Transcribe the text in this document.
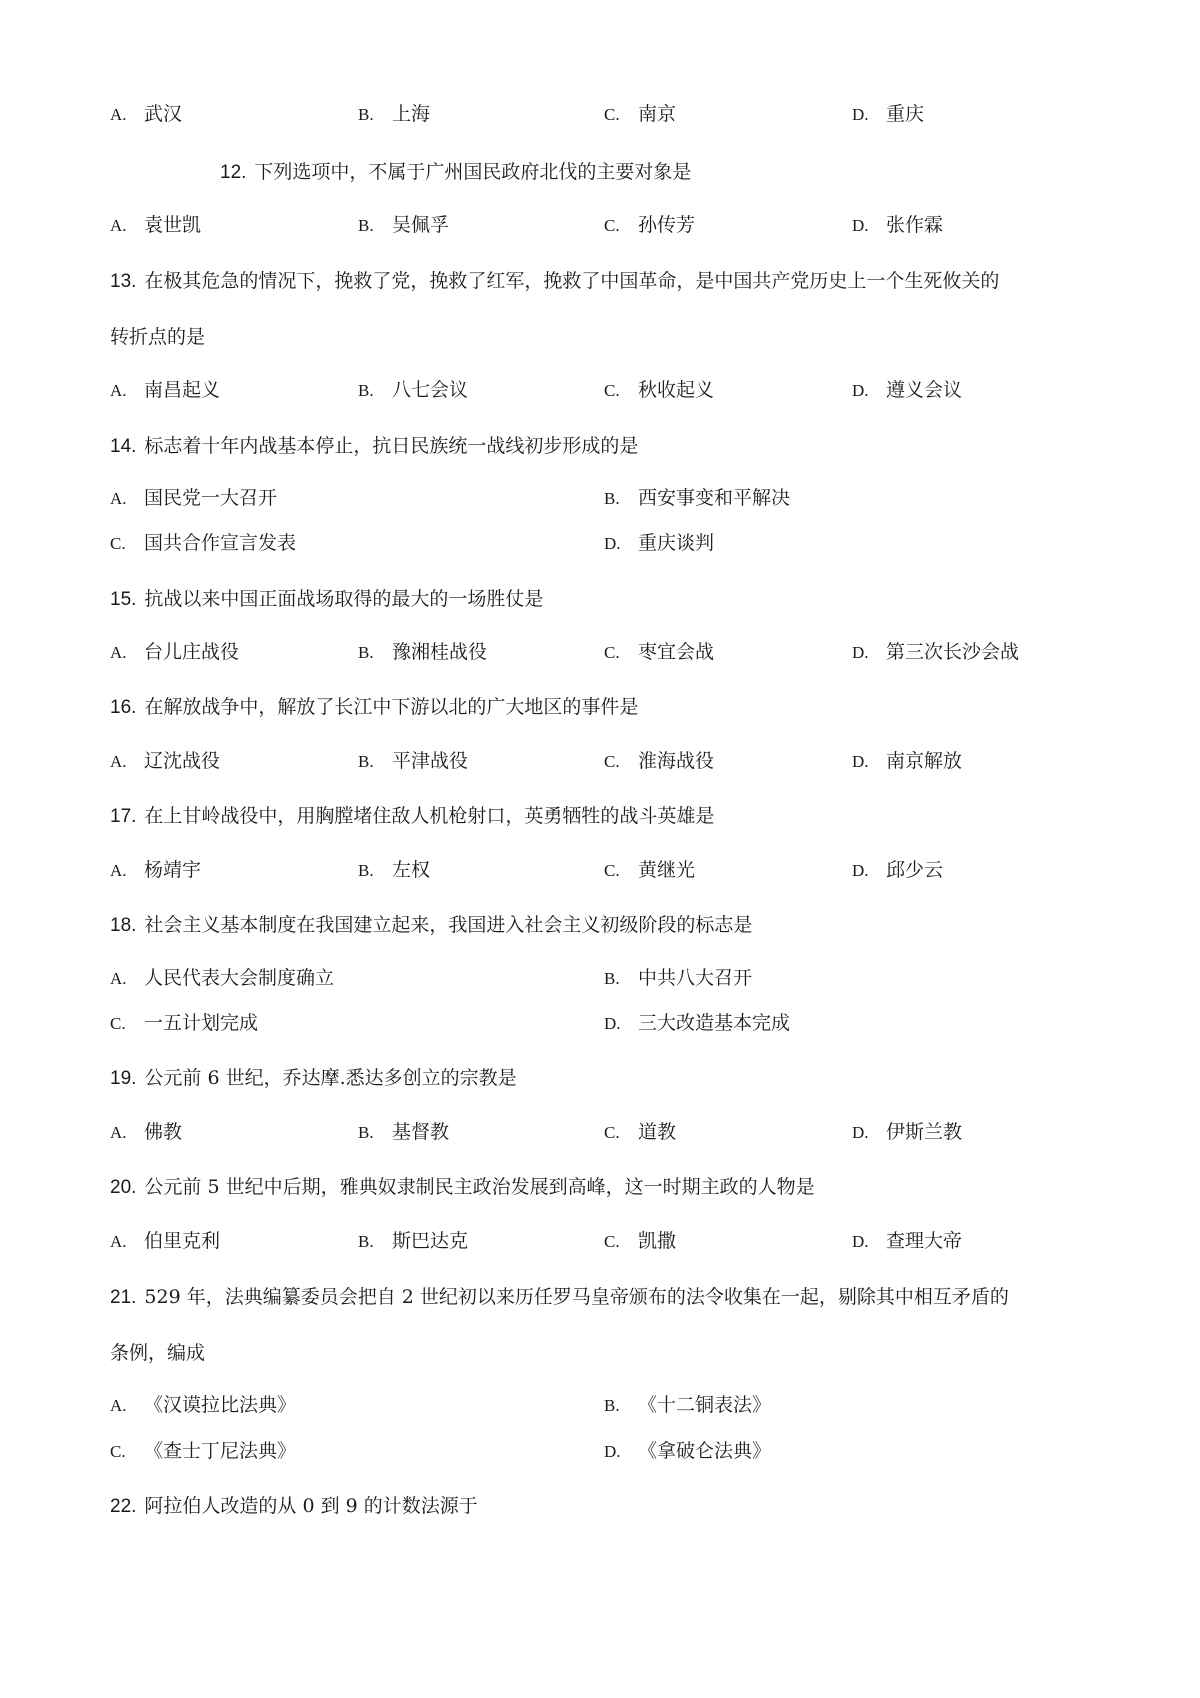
A. 武汉	B. 上海	C. 南京	D. 重庆
12. 下列选项中，不属于广州国民政府北伐的主要对象是
A. 袁世凯	B. 吴佩孚	C. 孙传芳	D. 张作霖
13. 在极其危急的情况下，挽救了党，挽救了红军，挽救了中国革命，是中国共产党历史上一个生死攸关的
转折点的是
A. 南昌起义	B. 八七会议	C. 秋收起义	D. 遵义会议
14. 标志着十年内战基本停止，抗日民族统一战线初步形成的是
A. 国民党一大召开	B. 西安事变和平解决
C. 国共合作宣言发表	D. 重庆谈判
15. 抗战以来中国正面战场取得的最大的一场胜仗是
A. 台儿庄战役	B. 豫湘桂战役	C. 枣宜会战	D. 第三次长沙会战
16. 在解放战争中，解放了长江中下游以北的广大地区的事件是
A. 辽沈战役	B. 平津战役	C. 淮海战役	D. 南京解放
17. 在上甘岭战役中，用胸膛堵住敌人机枪射口，英勇牺牲的战斗英雄是
A. 杨靖宇	B. 左权	C. 黄继光	D. 邱少云
18. 社会主义基本制度在我国建立起来，我国进入社会主义初级阶段的标志是
A. 人民代表大会制度确立	B. 中共八大召开
C. 一五计划完成	D. 三大改造基本完成
19. 公元前 6 世纪，乔达摩.悉达多创立的宗教是
A. 佛教	B. 基督教	C. 道教	D. 伊斯兰教
20. 公元前 5 世纪中后期，雅典奴隶制民主政治发展到高峰，这一时期主政的人物是
A. 伯里克利	B. 斯巴达克	C. 凯撒	D. 查理大帝
21. 529 年，法典编纂委员会把自 2 世纪初以来历任罗马皇帝颁布的法令收集在一起，剔除其中相互矛盾的
条例，编成
A. 《汉谟拉比法典》	B. 《十二铜表法》
C. 《查士丁尼法典》	D. 《拿破仑法典》
22. 阿拉伯人改造的从 0 到 9 的计数法源于
